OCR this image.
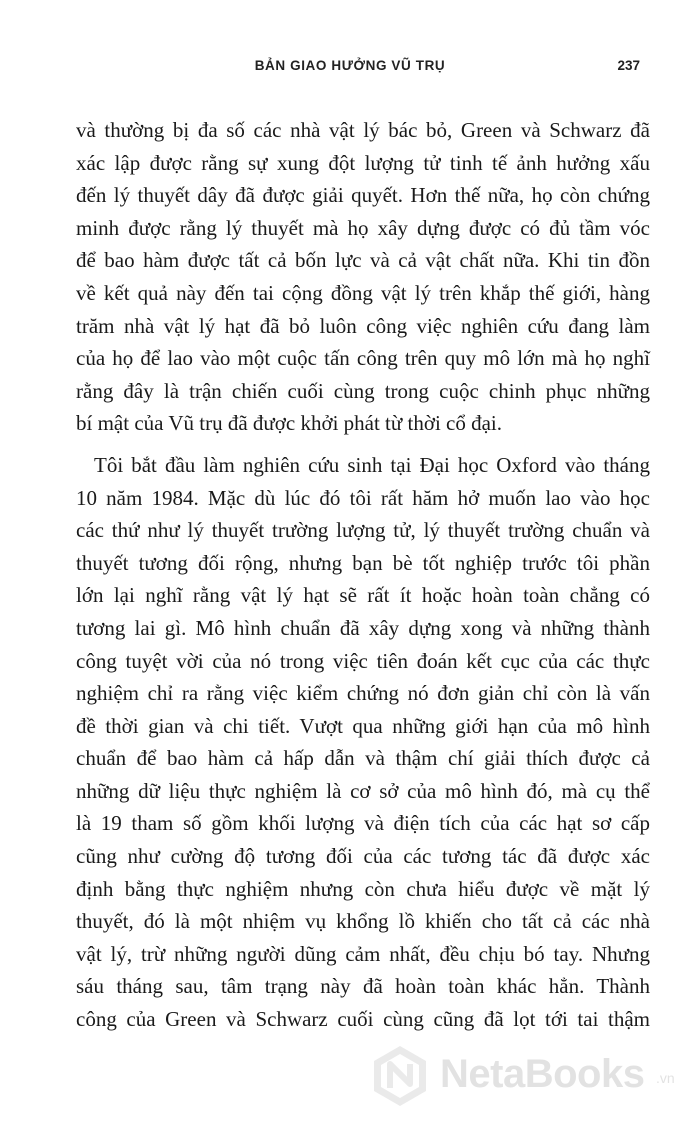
BẢN GIAO HƯỞNG VŨ TRỤ	237
và thường bị đa số các nhà vật lý bác bỏ, Green và Schwarz đã
xác lập được rằng sự xung đột lượng tử tinh tế ảnh hưởng xấu
đến lý thuyết dây đã được giải quyết. Hơn thế nữa, họ còn chứng
minh được rằng lý thuyết mà họ xây dựng được có đủ tầm vóc
để bao hàm được tất cả bốn lực và cả vật chất nữa. Khi tin đồn
về kết quả này đến tai cộng đồng vật lý trên khắp thế giới, hàng
trăm nhà vật lý hạt đã bỏ luôn công việc nghiên cứu đang làm
của họ để lao vào một cuộc tấn công trên quy mô lớn mà họ nghĩ
rằng đây là trận chiến cuối cùng trong cuộc chinh phục những
bí mật của Vũ trụ đã được khởi phát từ thời cổ đại.
Tôi bắt đầu làm nghiên cứu sinh tại Đại học Oxford vào tháng
10 năm 1984. Mặc dù lúc đó tôi rất hăm hở muốn lao vào học
các thứ như lý thuyết trường lượng tử, lý thuyết trường chuẩn và
thuyết tương đối rộng, nhưng bạn bè tốt nghiệp trước tôi phần
lớn lại nghĩ rằng vật lý hạt sẽ rất ít hoặc hoàn toàn chẳng có
tương lai gì. Mô hình chuẩn đã xây dựng xong và những thành
công tuyệt vời của nó trong việc tiên đoán kết cục của các thực
nghiệm chỉ ra rằng việc kiểm chứng nó đơn giản chỉ còn là vấn
đề thời gian và chi tiết. Vượt qua những giới hạn của mô hình
chuẩn để bao hàm cả hấp dẫn và thậm chí giải thích được cả
những dữ liệu thực nghiệm là cơ sở của mô hình đó, mà cụ thể
là 19 tham số gồm khối lượng và điện tích của các hạt sơ cấp
cũng như cường độ tương đối của các tương tác đã được xác
định bằng thực nghiệm nhưng còn chưa hiểu được về mặt lý
thuyết, đó là một nhiệm vụ khổng lồ khiến cho tất cả các nhà
vật lý, trừ những người dũng cảm nhất, đều chịu bó tay. Nhưng
sáu tháng sau, tâm trạng này đã hoàn toàn khác hẳn. Thành
công của Green và Schwarz cuối cùng cũng đã lọt tới tai thậm
NetaBooks .vn
